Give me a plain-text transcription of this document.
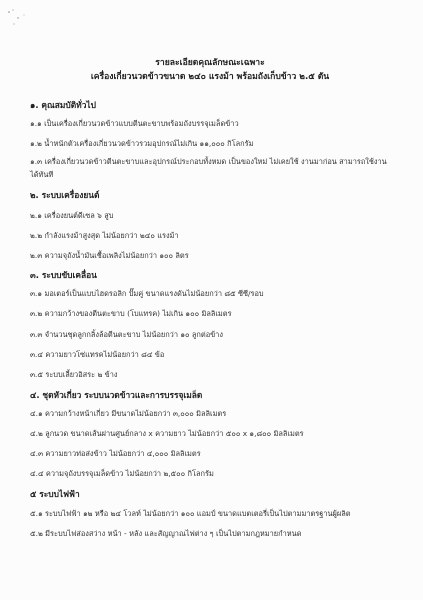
รายละเอียดคุณลักษณะเฉพาะ
เครื่องเกี่ยวนวดข้าวขนาด ๒๔๐ แรงม้า พร้อมถังเก็บข้าว ๒.๕ ตัน
๑. คุณสมบัติทั่วไป
๑.๑ เป็นเครื่องเกี่ยวนวดข้าวแบบตีนตะขาบพร้อมถังบรรจุเมล็ดข้าว
๑.๒ น้ำหนักตัวเครื่องเกี่ยวนวดข้าวรวมอุปกรณ์ไม่เกิน ๑๑,๐๐๐ กิโลกรัม
๑.๓ เครื่องเกี่ยวนวดข้าวตีนตะขาบและอุปกรณ์ประกอบทั้งหมด เป็นของใหม่ ไม่เคยใช้ งานมาก่อน สามารถใช้งานได้ทันที
๒. ระบบเครื่องยนต์
๒.๑ เครื่องยนต์ดีเซล ๖ สูบ
๒.๒ กำลังแรงม้าสูงสุด ไม่น้อยกว่า ๒๔๐ แรงม้า
๒.๓ ความจุถังน้ำมันเชื้อเพลิงไม่น้อยกว่า ๑๐๐ ลิตร
๓. ระบบขับเคลื่อน
๓.๑ มอเตอร์เป็นแบบไฮดรอลิก ปั๊มคู่ ขนาดแรงดันไม่น้อยกว่า ๘๕ ซีซี/รอบ
๓.๒ ความกว้างของตีนตะขาบ (โบแทรค) ไม่เกิน ๑๐๐ มิลลิเมตร
๓.๓ จำนวนชุดลูกกลิ้งล้อตีนตะขาบ ไม่น้อยกว่า ๑๐ ลูกต่อข้าง
๓.๔ ความยาวโซ่แทรคไม่น้อยกว่า ๘๔ ข้อ
๓.๕ ระบบเลี้ยวอิสระ ๒ ข้าง
๔. ชุดหัวเกี่ยว ระบบนวดข้าวและการบรรจุเมล็ด
๔.๑ ความกว้างหน้าเกี่ยว มีขนาดไม่น้อยกว่า ๓,๐๐๐ มิลลิเมตร
๔.๒ ลูกนวด ขนาดเส้นผ่านศูนย์กลาง x ความยาว ไม่น้อยกว่า ๕๐๐ x ๑,๘๐๐ มิลลิเมตร
๔.๓ ความยาวท่อส่งข้าว ไม่น้อยกว่า ๔,๐๐๐ มิลลิเมตร
๔.๔ ความจุถังบรรจุเมล็ดข้าว ไม่น้อยกว่า ๒,๕๐๐ กิโลกรัม
๕ ระบบไฟฟ้า
๕.๑ ระบบไฟฟ้า ๑๒ หรือ ๒๔ โวลท์ ไม่น้อยกว่า ๑๐๐ แอมป์ ขนาดแบตเตอรี่เป็นไปตามมาตรฐานผู้ผลิต
๕.๒ มีระบบไฟส่องสว่าง หน้า - หลัง และสัญญาณไฟต่าง ๆ เป็นไปตามกฎหมายกำหนด
